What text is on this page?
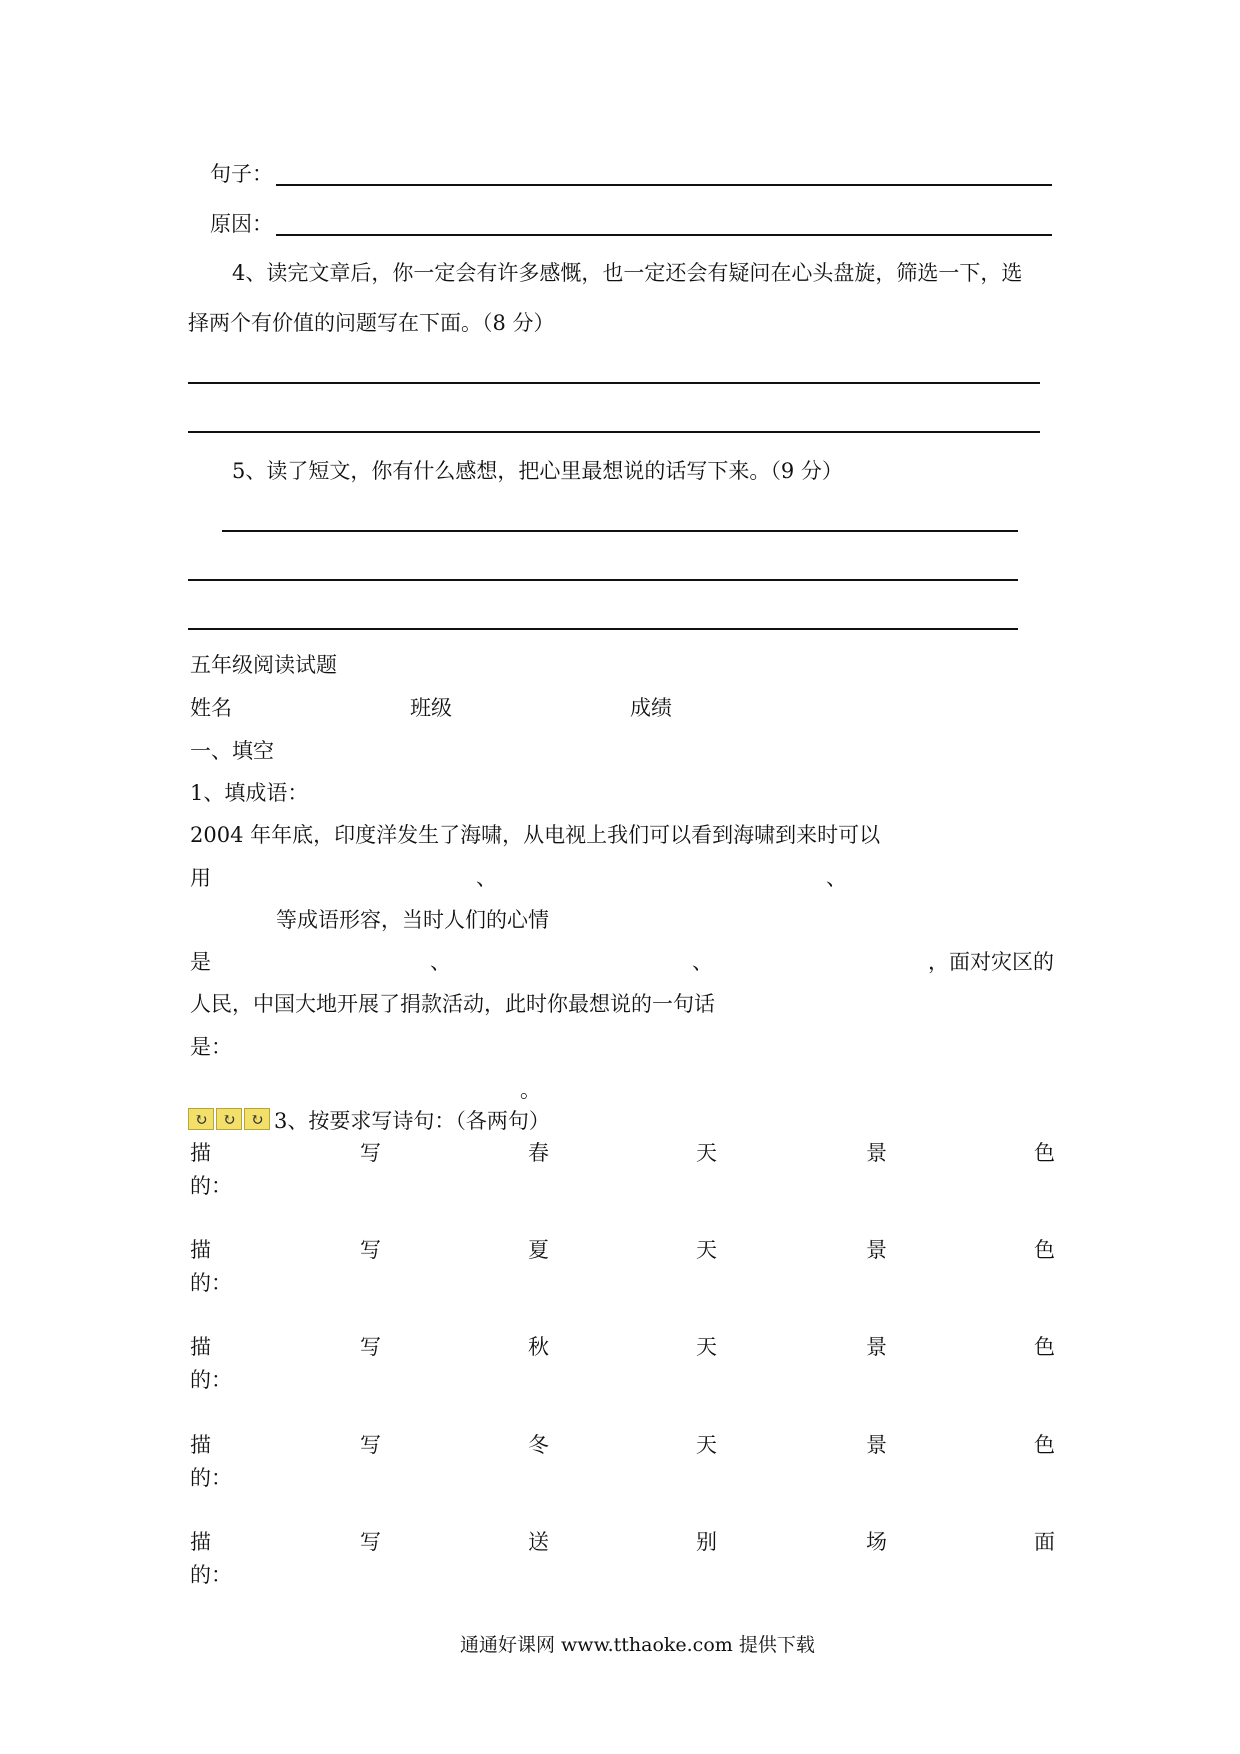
句子：
原因：
4、读完文章后，你一定会有许多感慨，也一定还会有疑问在心头盘旋，筛选一下，选
择两个有价值的问题写在下面。（8 分）
5、读了短文，你有什么感想，把心里最想说的话写下来。（9 分）
五年级阅读试题
姓名	班级	成绩
一、填空
1、填成语：
2004 年年底，印度洋发生了海啸，从电视上我们可以看到海啸到来时可以
用	、	、
等成语形容，当时人们的心情
是	、	、	，面对灾区的
人民，中国大地开展了捐款活动，此时你最想说的一句话
是：
。
↻ ↻ ↻ 3、按要求写诗句：（各两句）
描	写	春	天	景	色
的：
描	写	夏	天	景	色
的：
描	写	秋	天	景	色
的：
描	写	冬	天	景	色
的：
描	写	送	别	场	面
的：
通通好课网 www.tthaoke.com 提供下载
